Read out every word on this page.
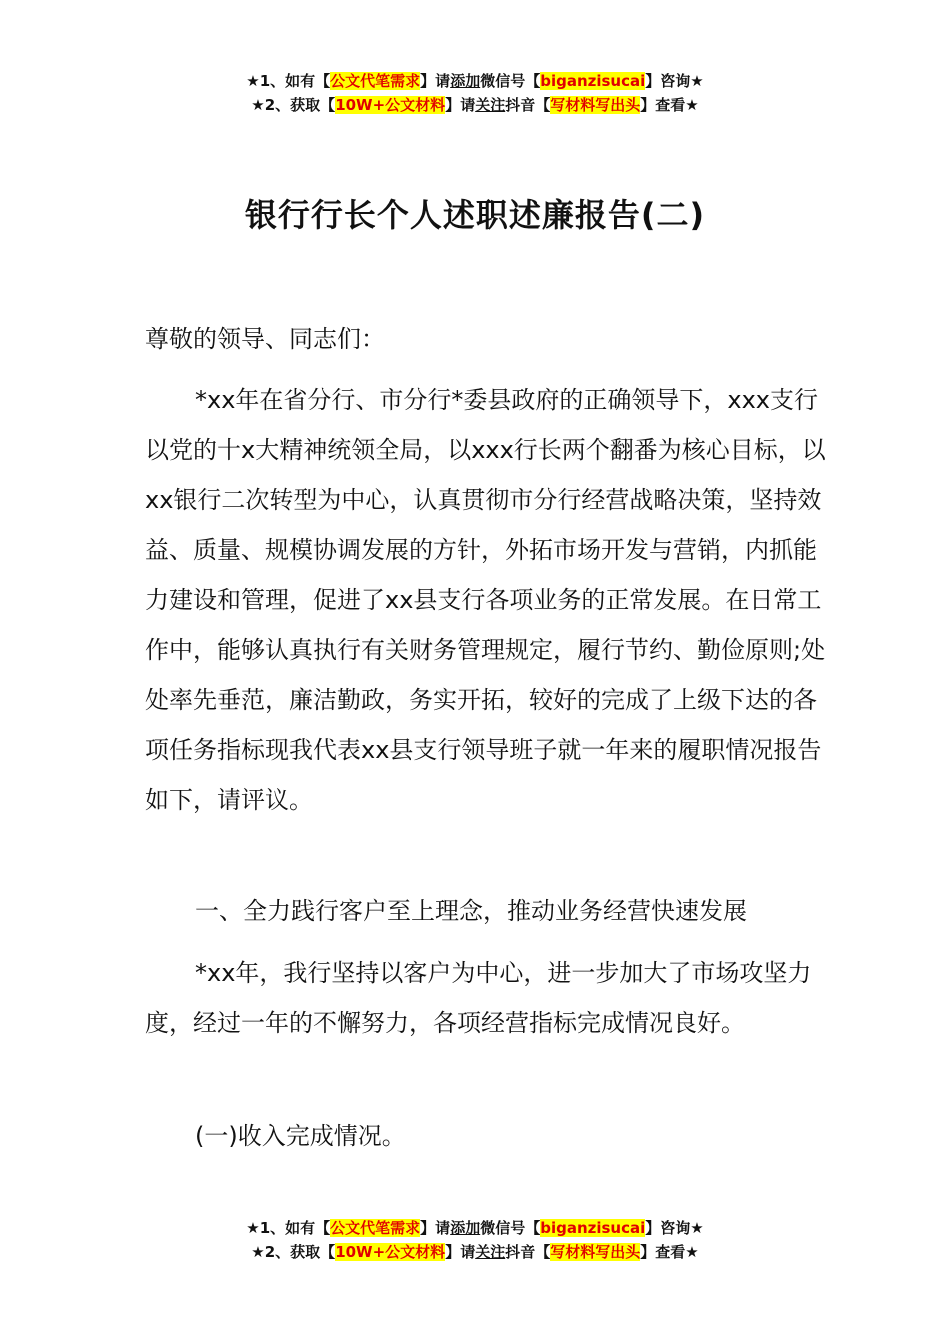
★1、如有【公文代笔需求】请添加微信号【biganzisucai】咨询★
★2、获取【10W+公文材料】请关注抖音【写材料写出头】查看★
银行行长个人述职述廉报告(二)

尊敬的领导、同志们：

*xx年在省分行、市分行*委县政府的正确领导下，xxx支行以党的十x大精神统领全局，以xxx行长两个翻番为核心目标，以xx银行二次转型为中心，认真贯彻市分行经营战略决策，坚持效益、质量、规模协调发展的方针，外拓市场开发与营销，内抓能力建设和管理，促进了xx县支行各项业务的正常发展。在日常工作中，能够认真执行有关财务管理规定，履行节约、勤俭原则;处处率先垂范，廉洁勤政，务实开拓，较好的完成了上级下达的各项任务指标现我代表xx县支行领导班子就一年来的履职情况报告如下，请评议。

一、全力践行客户至上理念，推动业务经营快速发展

*xx年，我行坚持以客户为中心，进一步加大了市场攻坚力度，经过一年的不懈努力，各项经营指标完成情况良好。

(一)收入完成情况。

★1、如有【公文代笔需求】请添加微信号【biganzisucai】咨询★
★2、获取【10W+公文材料】请关注抖音【写材料写出头】查看★
